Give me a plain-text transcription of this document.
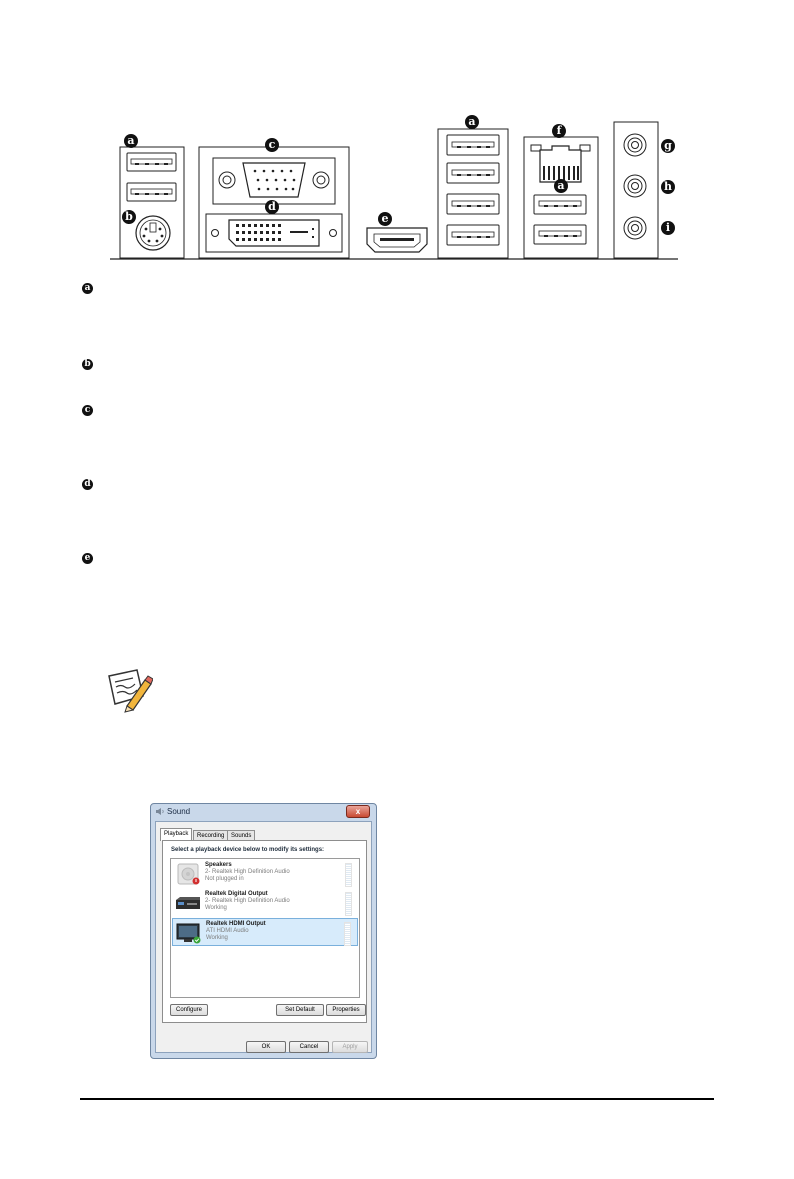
a
b
c
d
e
a
f
a
g
h
i
a
b
c
d
e
Sound	x
Playback	Recording	Sounds
Select a playback device below to modify its settings:
Speakers
2- Realtek High Definition Audio
Not plugged in
Realtek Digital Output
2- Realtek High Definition Audio
Working
Realtek HDMI Output
ATI HDMI Audio
Working
Configure	Set Default	Properties
OK	Cancel	Apply
